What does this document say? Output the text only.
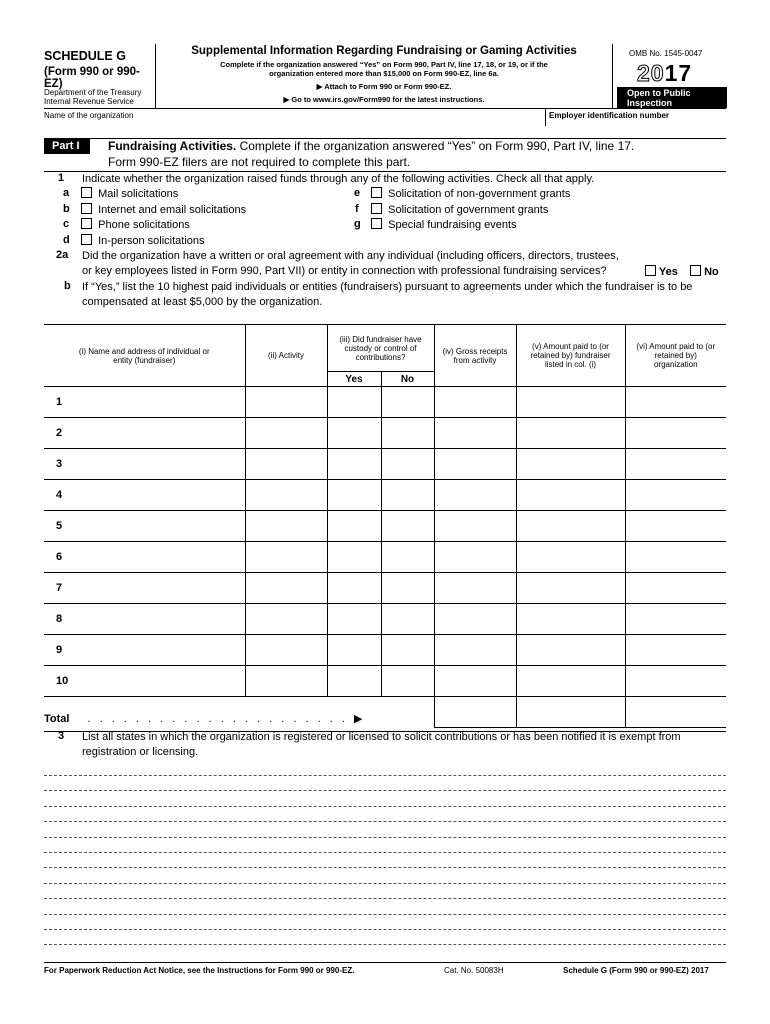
SCHEDULE G
(Form 990 or 990-EZ)
Department of the Treasury
Internal Revenue Service
Supplemental Information Regarding Fundraising or Gaming Activities
Complete if the organization answered “Yes” on Form 990, Part IV, line 17, 18, or 19, or if the
organization entered more than $15,000 on Form 990-EZ, line 6a.
▶ Attach to Form 990 or Form 990-EZ.
▶ Go to www.irs.gov/Form990 for the latest instructions.
OMB No. 1545-0047
2017
Open to Public
Inspection
Name of the organization	Employer identification number
Part I	Fundraising Activities. Complete if the organization answered “Yes” on Form 990, Part IV, line 17.
Form 990-EZ filers are not required to complete this part.
1 Indicate whether the organization raised funds through any of the following activities. Check all that apply.
a	Mail solicitations
b	Internet and email solicitations
c	Phone solicitations
d	In-person solicitations
e	Solicitation of non-government grants
f	Solicitation of government grants
g	Special fundraising events
2a Did the organization have a written or oral agreement with any individual (including officers, directors, trustees,
or key employees listed in Form 990, Part VII) or entity in connection with professional fundraising services?	Yes	No
b If “Yes,” list the 10 highest paid individuals or entities (fundraisers) pursuant to agreements under which the fundraiser is to be
compensated at least $5,000 by the organization.
(i) Name and address of individual or entity (fundraiser)	(ii) Activity	(iii) Did fundraiser have custody or control of contributions?		(iv) Gross receipts from activity	(v) Amount paid to (or retained by) fundraiser listed in col. (i)	(vi) Amount paid to (or retained by) organization
		Yes	No			
1						
2						
3						
4						
5						
6						
7						
8						
9						
10						
Total . . . . . . . . . . . . . . . . . . . . . . ▶						
3 List all states in which the organization is registered or licensed to solicit contributions or has been notified it is exempt from
registration or licensing.
For Paperwork Reduction Act Notice, see the Instructions for Form 990 or 990-EZ.	Cat. No. 50083H	Schedule G (Form 990 or 990-EZ) 2017
